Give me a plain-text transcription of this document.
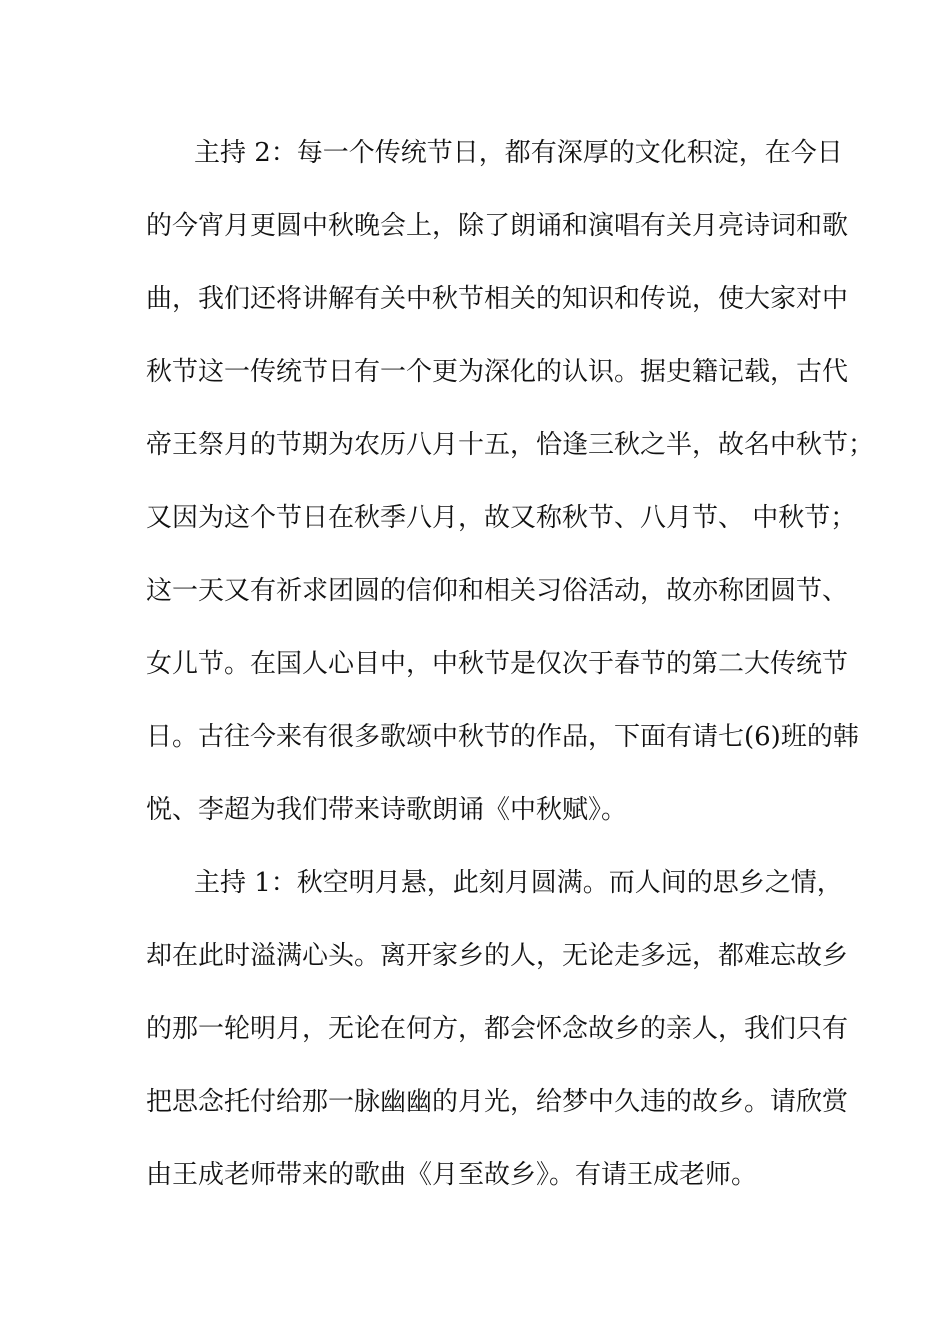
主持 2：每一个传统节日，都有深厚的文化积淀，在今日
的今宵月更圆中秋晚会上，除了朗诵和演唱有关月亮诗词和歌
曲，我们还将讲解有关中秋节相关的知识和传说，使大家对中
秋节这一传统节日有一个更为深化的认识。据史籍记载，古代
帝王祭月的节期为农历八月十五，恰逢三秋之半，故名中秋节；
又因为这个节日在秋季八月，故又称秋节、八月节、 中秋节；
这一天又有祈求团圆的信仰和相关习俗活动，故亦称团圆节、
女儿节。在国人心目中，中秋节是仅次于春节的第二大传统节
日。古往今来有很多歌颂中秋节的作品，下面有请七(6)班的韩
悦、李超为我们带来诗歌朗诵《中秋赋》。
主持 1：秋空明月悬，此刻月圆满。而人间的思乡之情，
却在此时溢满心头。离开家乡的人，无论走多远，都难忘故乡
的那一轮明月，无论在何方，都会怀念故乡的亲人，我们只有
把思念托付给那一脉幽幽的月光，给梦中久违的故乡。请欣赏
由王成老师带来的歌曲《月至故乡》。有请王成老师。
